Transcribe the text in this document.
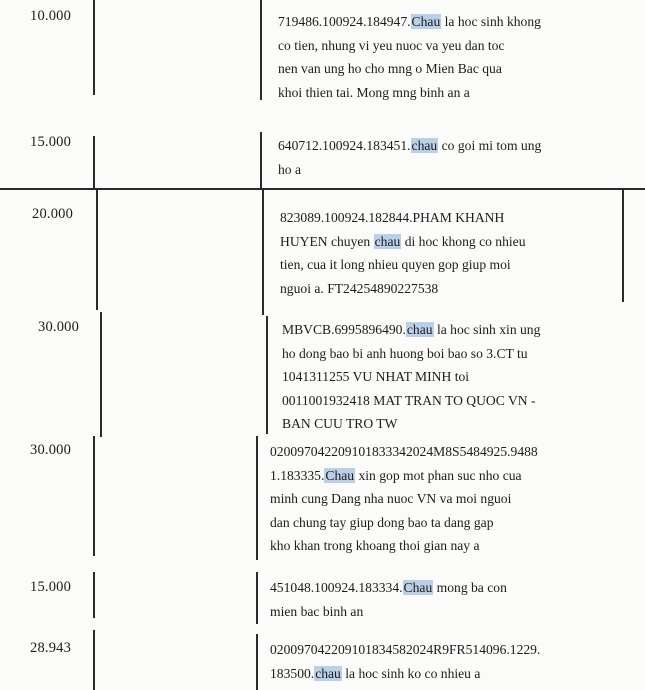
10.000	719486.100924.184947.Chau la hoc sinh khong
co tien, nhung vi yeu nuoc va yeu dan toc
nen van ung ho cho mng o Mien Bac qua
khoi thien tai. Mong mng binh an a
15.000	640712.100924.183451.chau co goi mi tom ung
ho a
20.000	823089.100924.182844.PHAM KHANH
HUYEN chuyen chau di hoc khong co nhieu
tien, cua it long nhieu quyen gop giup moi
nguoi a. FT24254890227538
30.000	MBVCB.6995896490.chau la hoc sinh xin ung
ho dong bao bi anh huong boi bao so 3.CT tu
1041311255 VU NHAT MINH toi
0011001932418 MAT TRAN TO QUOC VN -
BAN CUU TRO TW
30.000	020097042209101833342024M8S5484925.9488
1.183335.Chau xin gop mot phan suc nho cua
minh cung Dang nha nuoc VN va moi nguoi
dan chung tay giup dong bao ta dang gap
kho khan trong khoang thoi gian nay a
15.000	451048.100924.183334.Chau mong ba con
mien bac binh an
28.943	020097042209101834582024R9FR514096.1229.
183500.chau la hoc sinh ko co nhieu a
